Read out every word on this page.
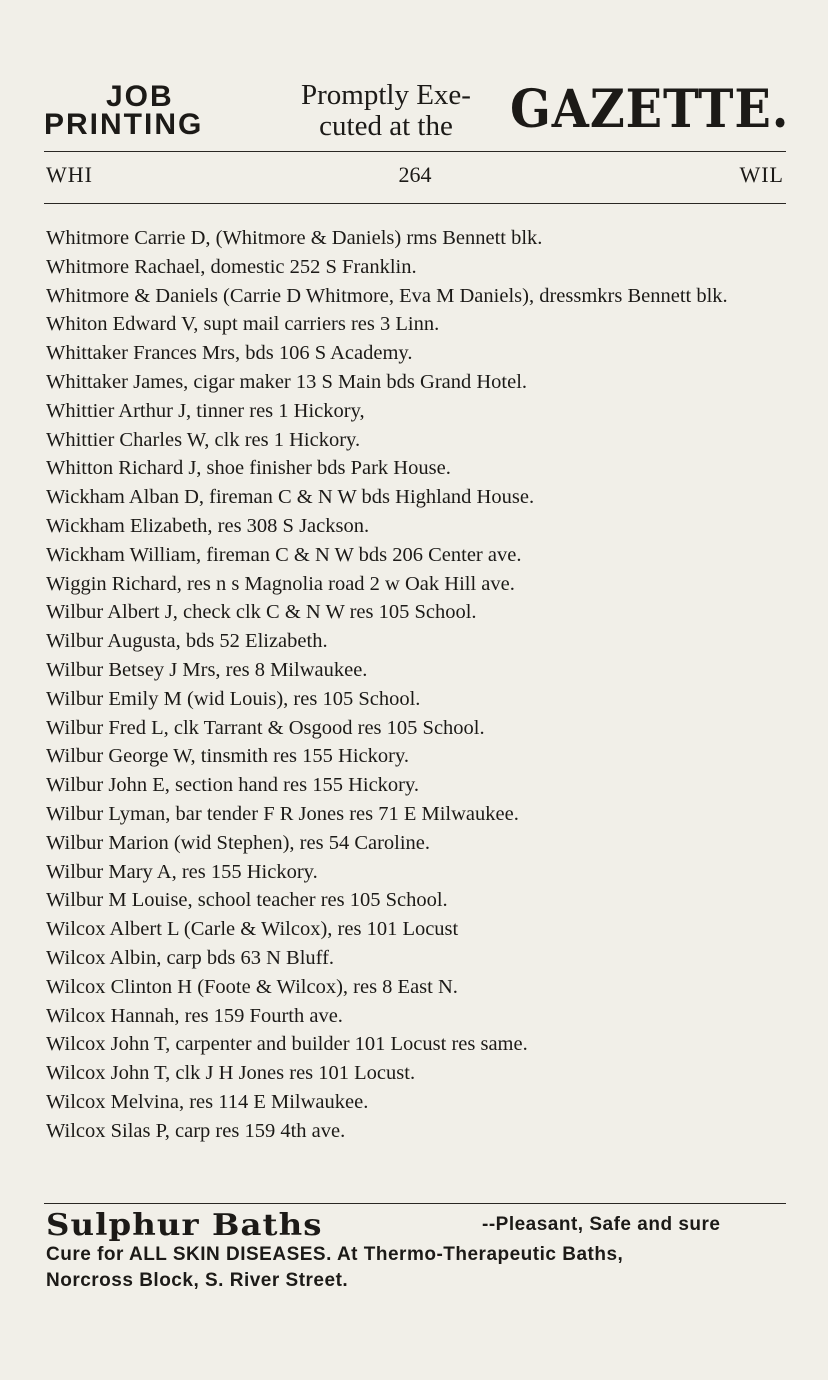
JOB
PRINTING
Promptly Exe-
cuted at the	GAZETTE.
WHI	264	WIL
Whitmore Carrie D, (Whitmore & Daniels) rms Bennett blk.
Whitmore Rachael, domestic 252 S Franklin.
Whitmore & Daniels (Carrie D Whitmore, Eva M Daniels), dressmkrs Bennett blk.
Whiton Edward V, supt mail carriers res 3 Linn.
Whittaker Frances Mrs, bds 106 S Academy.
Whittaker James, cigar maker 13 S Main bds Grand Hotel.
Whittier Arthur J, tinner res 1 Hickory,
Whittier Charles W, clk res 1 Hickory.
Whitton Richard J, shoe finisher bds Park House.
Wickham Alban D, fireman C & N W bds Highland House.
Wickham Elizabeth, res 308 S Jackson.
Wickham William, fireman C & N W bds 206 Center ave.
Wiggin Richard, res n s Magnolia road 2 w Oak Hill ave.
Wilbur Albert J, check clk C & N W res 105 School.
Wilbur Augusta, bds 52 Elizabeth.
Wilbur Betsey J Mrs, res 8 Milwaukee.
Wilbur Emily M (wid Louis), res 105 School.
Wilbur Fred L, clk Tarrant & Osgood res 105 School.
Wilbur George W, tinsmith res 155 Hickory.
Wilbur John E, section hand res 155 Hickory.
Wilbur Lyman, bar tender F R Jones res 71 E Milwaukee.
Wilbur Marion (wid Stephen), res 54 Caroline.
Wilbur Mary A, res 155 Hickory.
Wilbur M Louise, school teacher res 105 School.
Wilcox Albert L (Carle & Wilcox), res 101 Locust
Wilcox Albin, carp bds 63 N Bluff.
Wilcox Clinton H (Foote & Wilcox), res 8 East N.
Wilcox Hannah, res 159 Fourth ave.
Wilcox John T, carpenter and builder 101 Locust res same.
Wilcox John T, clk J H Jones res 101 Locust.
Wilcox Melvina, res 114 E Milwaukee.
Wilcox Silas P, carp res 159 4th ave.
Sulphur Baths	--Pleasant, Safe and sure
Cure for ALL SKIN DISEASES. At Thermo-Therapeutic Baths,
Norcross Block, S. River Street.
